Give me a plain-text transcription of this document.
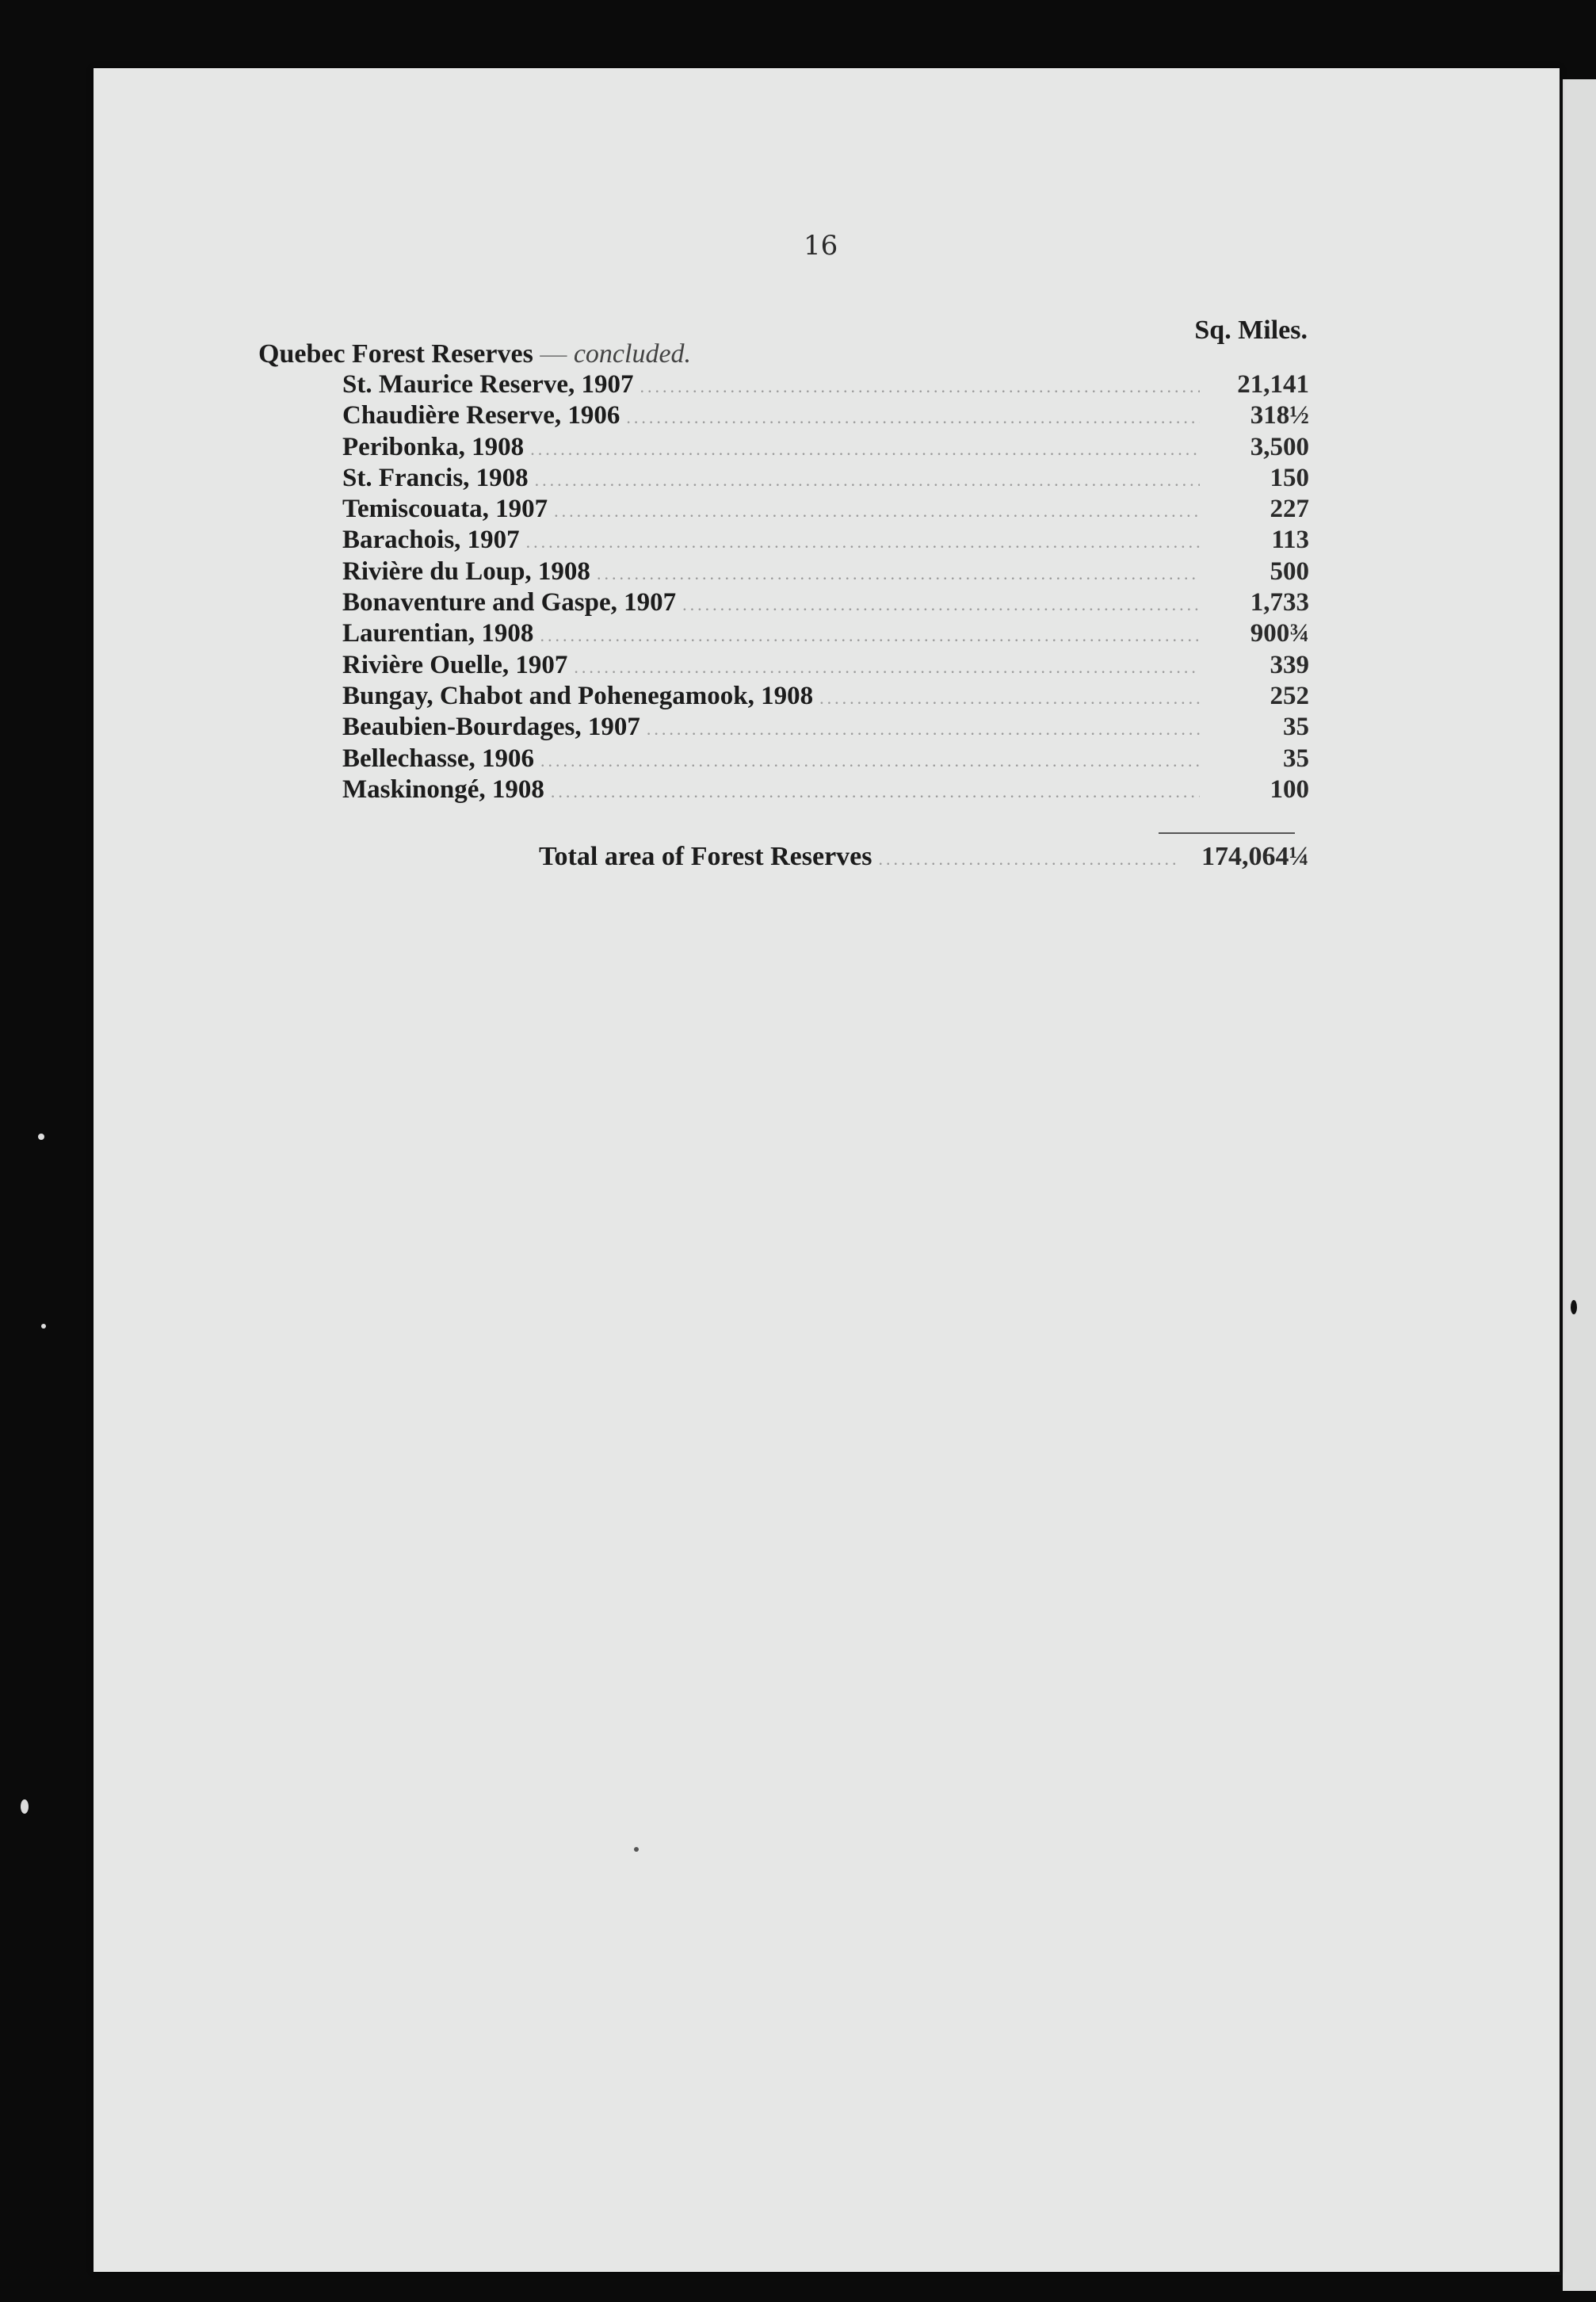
16
Sq. Miles.
Quebec Forest Reserves — concluded.
St. Maurice Reserve, 1907 .....	21,141
Chaudière Reserve, 1906 .....	318½
Peribonka, 1908 .....	3,500
St. Francis, 1908 .....	150
Temiscouata, 1907 .....	227
Barachois, 1907 .....	113
Rivière du Loup, 1908 .....	500
Bonaventure and Gaspe, 1907 .....	1,733
Laurentian, 1908 .....	900¾
Rivière Ouelle, 1907 .....	339
Bungay, Chabot and Pohenegamook, 1908 .....	252
Beaubien-Bourdages, 1907 .....	35
Bellechasse, 1906 .....	35
Maskinongé, 1908 .....	100
Total area of Forest Reserves .....	174,064¼
